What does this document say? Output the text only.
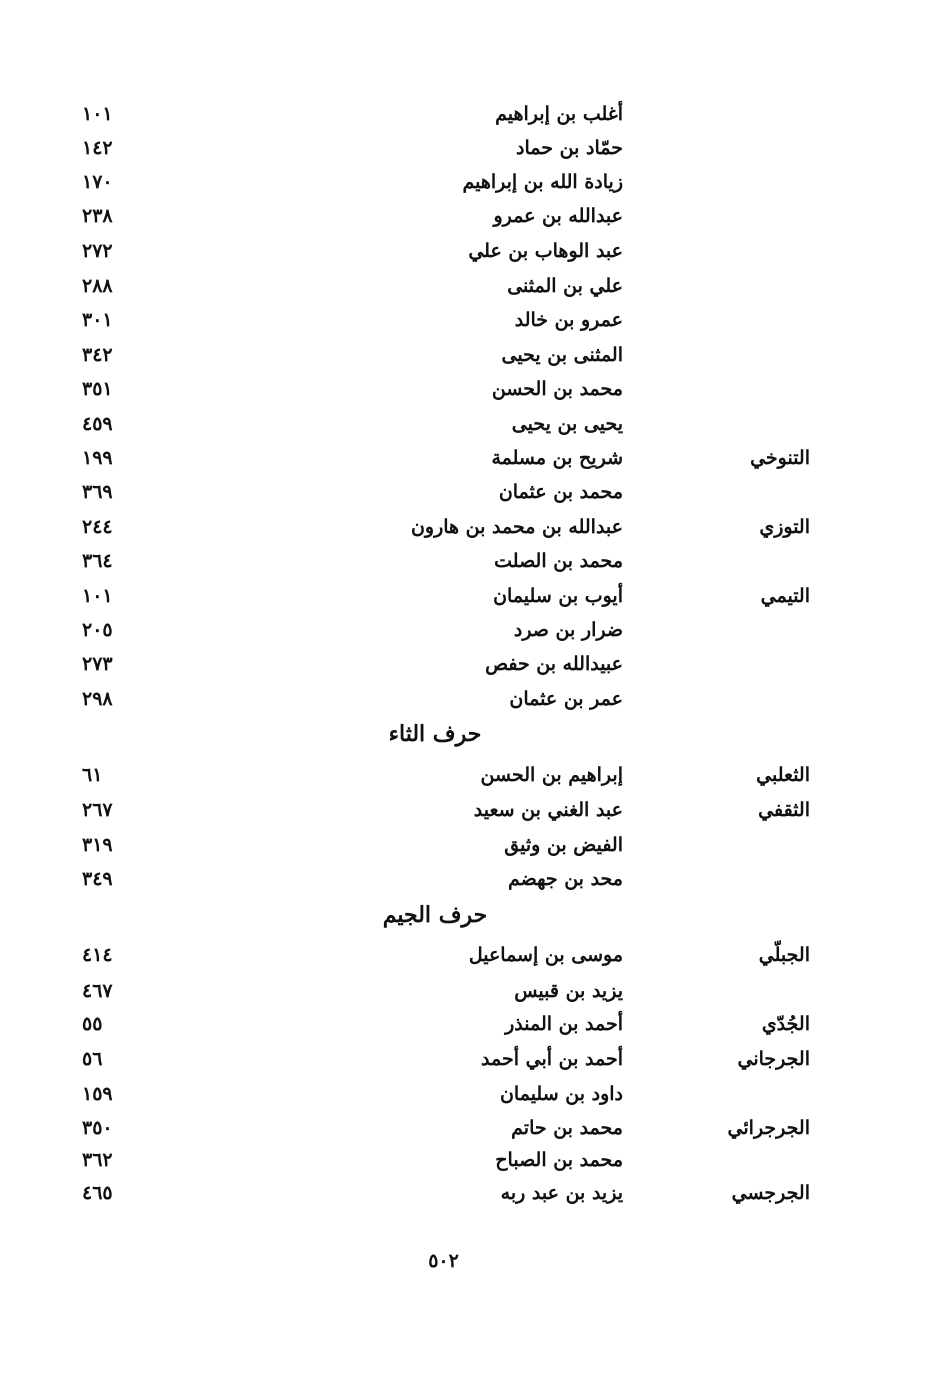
أغلب بن إبراهيم
١٠١
حمّاد بن حماد
١٤٢
زيادة الله بن إبراهيم
١٧٠
عبدالله بن عمرو
٢٣٨
عبد الوهاب بن علي
٢٧٢
علي بن المثنى
٢٨٨
عمرو بن خالد
٣٠١
المثنى بن يحيى
٣٤٢
محمد بن الحسن
٣٥١
يحيى بن يحيى
٤٥٩
التنوخي
شريح بن مسلمة
١٩٩
محمد بن عثمان
٣٦٩
التوزي
عبدالله بن محمد بن هارون
٢٤٤
محمد بن الصلت
٣٦٤
التيمي
أيوب بن سليمان
١٠١
ضرار بن صرد
٢٠٥
عبيدالله بن حفص
٢٧٣
عمر بن عثمان
٢٩٨
حرف الثاء
الثعلبي
إبراهيم بن الحسن
٦١
الثقفي
عبد الغني بن سعيد
٢٦٧
الفيض بن وثيق
٣١٩
محد بن جهضم
٣٤٩
حرف الجيم
الجبلّي
موسى بن إسماعيل
٤١٤
يزيد بن قبيس
٤٦٧
الجُدّي
أحمد بن المنذر
٥٥
الجرجاني
أحمد بن أبي أحمد
٥٦
داود بن سليمان
١٥٩
الجرجرائي
محمد بن حاتم
٣٥٠
محمد بن الصباح
٣٦٢
الجرجسي
يزيد بن عبد ربه
٤٦٥
٥٠٢
